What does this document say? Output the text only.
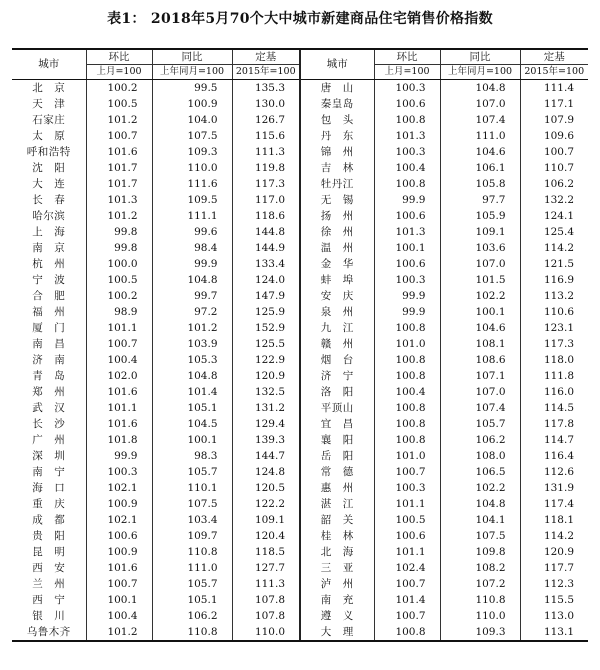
表1： 2018年5月70个大中城市新建商品住宅销售价格指数
城市	环比	同比	定基	城市	环比	同比	定基
	上月=100	上年同月=100	2015年=100		上月=100	上年同月=100	2015年=100
北　京	100.2	99.5	135.3	唐　山	100.3	104.8	111.4
天　津	100.5	100.9	130.0	秦皇岛	100.6	107.0	117.1
石家庄	101.2	104.0	126.7	包　头	100.8	107.4	107.9
太　原	100.7	107.5	115.6	丹　东	101.3	111.0	109.6
呼和浩特	101.6	109.3	111.3	锦　州	100.3	104.6	100.7
沈　阳	101.7	110.0	119.8	吉　林	100.4	106.1	110.7
大　连	101.7	111.6	117.3	牡丹江	100.8	105.8	106.2
长　春	101.3	109.5	117.0	无　锡	99.9	97.7	132.2
哈尔滨	101.2	111.1	118.6	扬　州	100.6	105.9	124.1
上　海	99.8	99.6	144.8	徐　州	101.3	109.1	125.4
南　京	99.8	98.4	144.9	温　州	100.1	103.6	114.2
杭　州	100.0	99.9	133.4	金　华	100.6	107.0	121.5
宁　波	100.5	104.8	124.0	蚌　埠	100.3	101.5	116.9
合　肥	100.2	99.7	147.9	安　庆	99.9	102.2	113.2
福　州	98.9	97.2	125.9	泉　州	99.9	100.1	110.6
厦　门	101.1	101.2	152.9	九　江	100.8	104.6	123.1
南　昌	100.7	103.9	125.5	赣　州	101.0	108.1	117.3
济　南	100.4	105.3	122.9	烟　台	100.8	108.6	118.0
青　岛	102.0	104.8	120.9	济　宁	100.8	107.1	111.8
郑　州	101.6	101.4	132.5	洛　阳	100.4	107.0	116.0
武　汉	101.1	105.1	131.2	平顶山	100.8	107.4	114.5
长　沙	101.6	104.5	129.4	宜　昌	100.8	105.7	117.8
广　州	101.8	100.1	139.3	襄　阳	100.8	106.2	114.7
深　圳	99.9	98.3	144.7	岳　阳	101.0	108.0	116.4
南　宁	100.3	105.7	124.8	常　德	100.7	106.5	112.6
海　口	102.1	110.1	120.5	惠　州	100.3	102.2	131.9
重　庆	100.9	107.5	122.2	湛　江	101.1	104.8	117.4
成　都	102.1	103.4	109.1	韶　关	100.5	104.1	118.1
贵　阳	100.6	109.7	120.4	桂　林	100.6	107.5	114.2
昆　明	100.9	110.8	118.5	北　海	101.1	109.8	120.9
西　安	101.6	111.0	127.7	三　亚	102.4	108.2	117.7
兰　州	100.7	105.7	111.3	泸　州	100.7	107.2	112.3
西　宁	100.1	105.1	107.8	南　充	101.4	110.8	115.5
银　川	100.4	106.2	107.8	遵　义	100.7	110.0	113.0
乌鲁木齐	101.2	110.8	110.0	大　理	100.8	109.3	113.1
